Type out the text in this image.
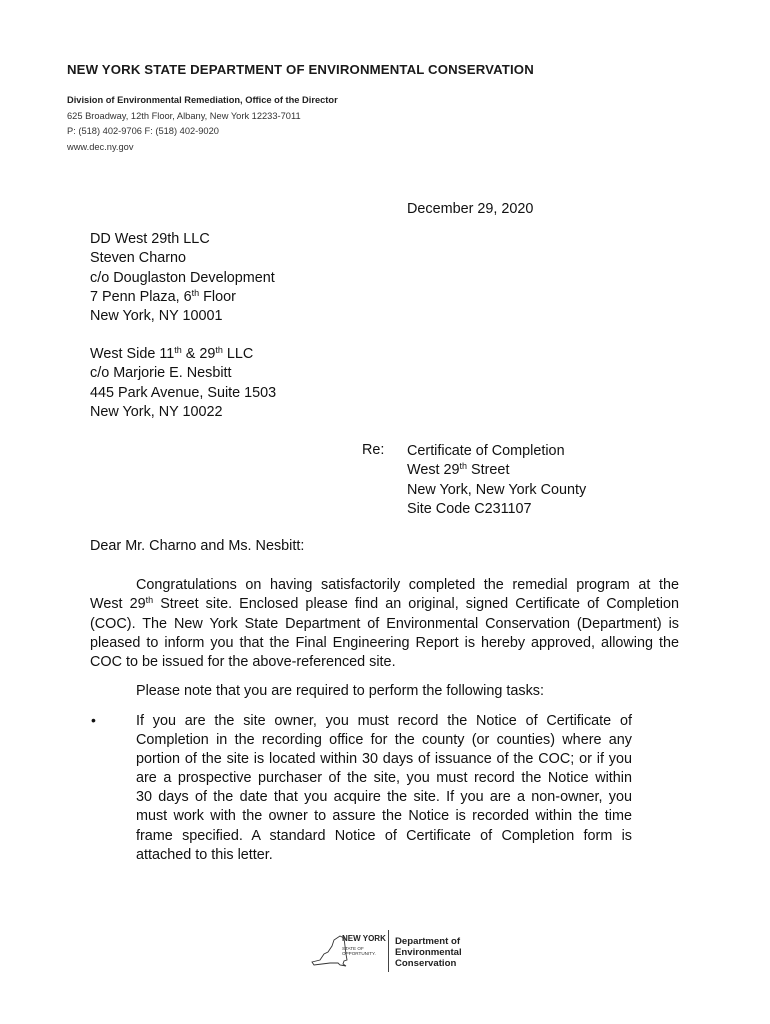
NEW YORK STATE DEPARTMENT OF ENVIRONMENTAL CONSERVATION
Division of Environmental Remediation, Office of the Director
625 Broadway, 12th Floor, Albany, New York 12233-7011
P: (518) 402-9706 F: (518) 402-9020
www.dec.ny.gov
December 29, 2020
DD West 29th LLC
Steven Charno
c/o Douglaston Development
7 Penn Plaza, 6th Floor
New York, NY 10001
West Side 11th & 29th LLC
c/o Marjorie E. Nesbitt
445 Park Avenue, Suite 1503
New York, NY 10022
Re: Certificate of Completion
West 29th Street
New York, New York County
Site Code C231107
Dear Mr. Charno and Ms. Nesbitt:
Congratulations on having satisfactorily completed the remedial program at the
West 29th Street site. Enclosed please find an original, signed Certificate of Completion
(COC). The New York State Department of Environmental Conservation (Department) is
pleased to inform you that the Final Engineering Report is hereby approved, allowing the
COC to be issued for the above-referenced site.
Please note that you are required to perform the following tasks:
•	If you are the site owner, you must record the Notice of Certificate of
Completion in the recording office for the county (or counties) where any
portion of the site is located within 30 days of issuance of the COC; or if you
are a prospective purchaser of the site, you must record the Notice within
30 days of the date that you acquire the site. If you are a non-owner, you
must work with the owner to assure the Notice is recorded within the time
frame specified. A standard Notice of Certificate of Completion form is
attached to this letter.
NEW YORK
STATE OF
OPPORTUNITY.
Department of
Environmental
Conservation
